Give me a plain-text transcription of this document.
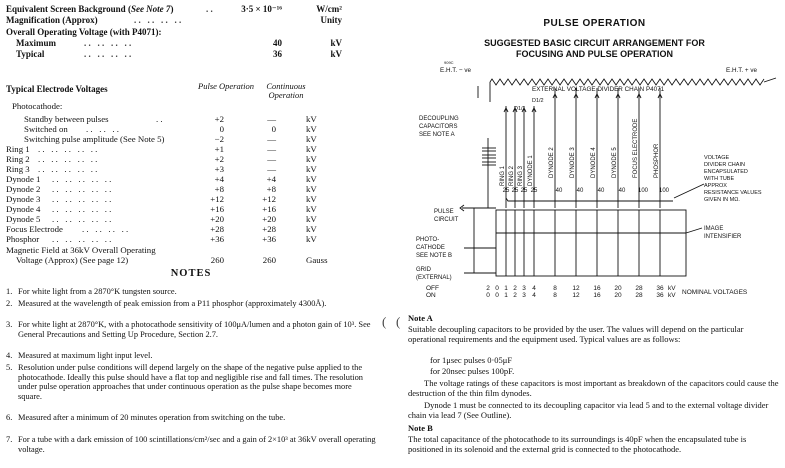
Equivalent Screen Background (See Note 7)	. .	3·5 × 10⁻¹⁶	W/cm²
Magnification (Approx)	. .   . .   . .   . .	Unity
Overall Operating Voltage (with P4071):
Maximum	. .   . .   . .   . .	40	kV
Typical	. .   . .   . .   . .	36	kV
Typical Electrode Voltages	Pulse Operation	Continuous Operation
Photocathode:
Standby between pulses	. .	+2	—	kV
Switched on . .   . .   . .	0	0	kV
Switching pulse amplitude (See Note 5)	−2	—	kV
Ring 1 . .   . .   . .   . .   . .	+1	—	kV
Ring 2 . .   . .   . .   . .   . .	+2	—	kV
Ring 3 . .   . .   . .   . .   . .	+3	—	kV
Dynode 1 . .   . .   . .   . .   . .	+4	+4	kV
Dynode 2 . .   . .   . .   . .   . .	+8	+8	kV
Dynode 3 . .   . .   . .   . .   . .	+12	+12	kV
Dynode 4 . .   . .   . .   . .   . .	+16	+16	kV
Dynode 5 . .   . .   . .   . .   . .	+20	+20	kV
Focus Electrode . .   . .   . .   . .	+28	+28	kV
Phosphor . .   . .   . .   . .   . .	+36	+36	kV
NOTES
1. For white light from a 2870°K tungsten source.
2. Measured at the wavelength of peak emission from a P11 phosphor (approximately 4300Å).
3. For white light at 2870°K, with a photocathode sensitivity of 100μA/lumen and a photon gain of 10³. See General Precautions and Setting Up Procedure, Section 2.7.
4. Measured at maximum light input level.
5. Resolution under pulse conditions will depend largely on the shape of the negative pulse applied to the photocathode. Ideally this pulse should have a flat top and negligible rise and fall times. The resolution under pulse operation approaches that under continuous operation as the pulse shape becomes more square.
6. Measured after a minimum of 20 minutes operation from switching on the tube.
7. For a tube with a dark emission of 100 scintillations/cm²/sec and a gain of 2×10³ at 36kV overall operating voltage.
Magnetic Field at 36kV Overall Operating
Voltage (Approx) (See page 12)	260	260	Gauss
( (
PULSE OPERATION
SUGGESTED BASIC CIRCUIT ARRANGEMENT FOR
FOCUSING AND PULSE OPERATION
909C
E.H.T. − ve	E.H.T. + ve
EXTERNAL VOLTAGE DIVIDER CHAIN P4071
D1/2
D1/1
DECOUPLING
CAPACITORS
SEE NOTE A
VOLTAGE
DIVIDER CHAIN
ENCAPSULATED
WITH TUBE
APPROX
RESISTANCE VALUES
GIVEN IN MΩ.
PULSE
CIRCUIT
PHOTO-
CATHODE
SEE NOTE B
GRID
(EXTERNAL)
IMAGE
INTENSIFIER
RING 1
25
RING 2
25
RING 3
25
DYNODE 1
25
DYNODE 2
40
DYNODE 3
40
DYNODE 4
40
DYNODE 5
40
FOCUS ELECTRODE
100
PHOSPHOR
100
OFF
ON
2
0
0
0
1
1
2
2
3
3
4
4
8
8
12
12
16
16
20
20
28
28
36
36
kV
kV NOMINAL VOLTAGES
Note A
Suitable decoupling capacitors to be provided by the user. The values will depend on the particular operational requirements and the equipment used. Typical values are as follows:
for 1μsec pulses 0·05μF
for 20nsec pulses 100pF.
The voltage ratings of these capacitors is most important as breakdown of the capacitors could cause the destruction of the thin film dynodes.
Dynode 1 must be connected to its decoupling capacitor via lead 5 and to the external voltage divider chain via lead 7 (See Outline).
Note B
The total capacitance of the photocathode to its surroundings is 40pF when the encapsulated tube is positioned in its solenoid and the external grid is connected to the photocathode.
